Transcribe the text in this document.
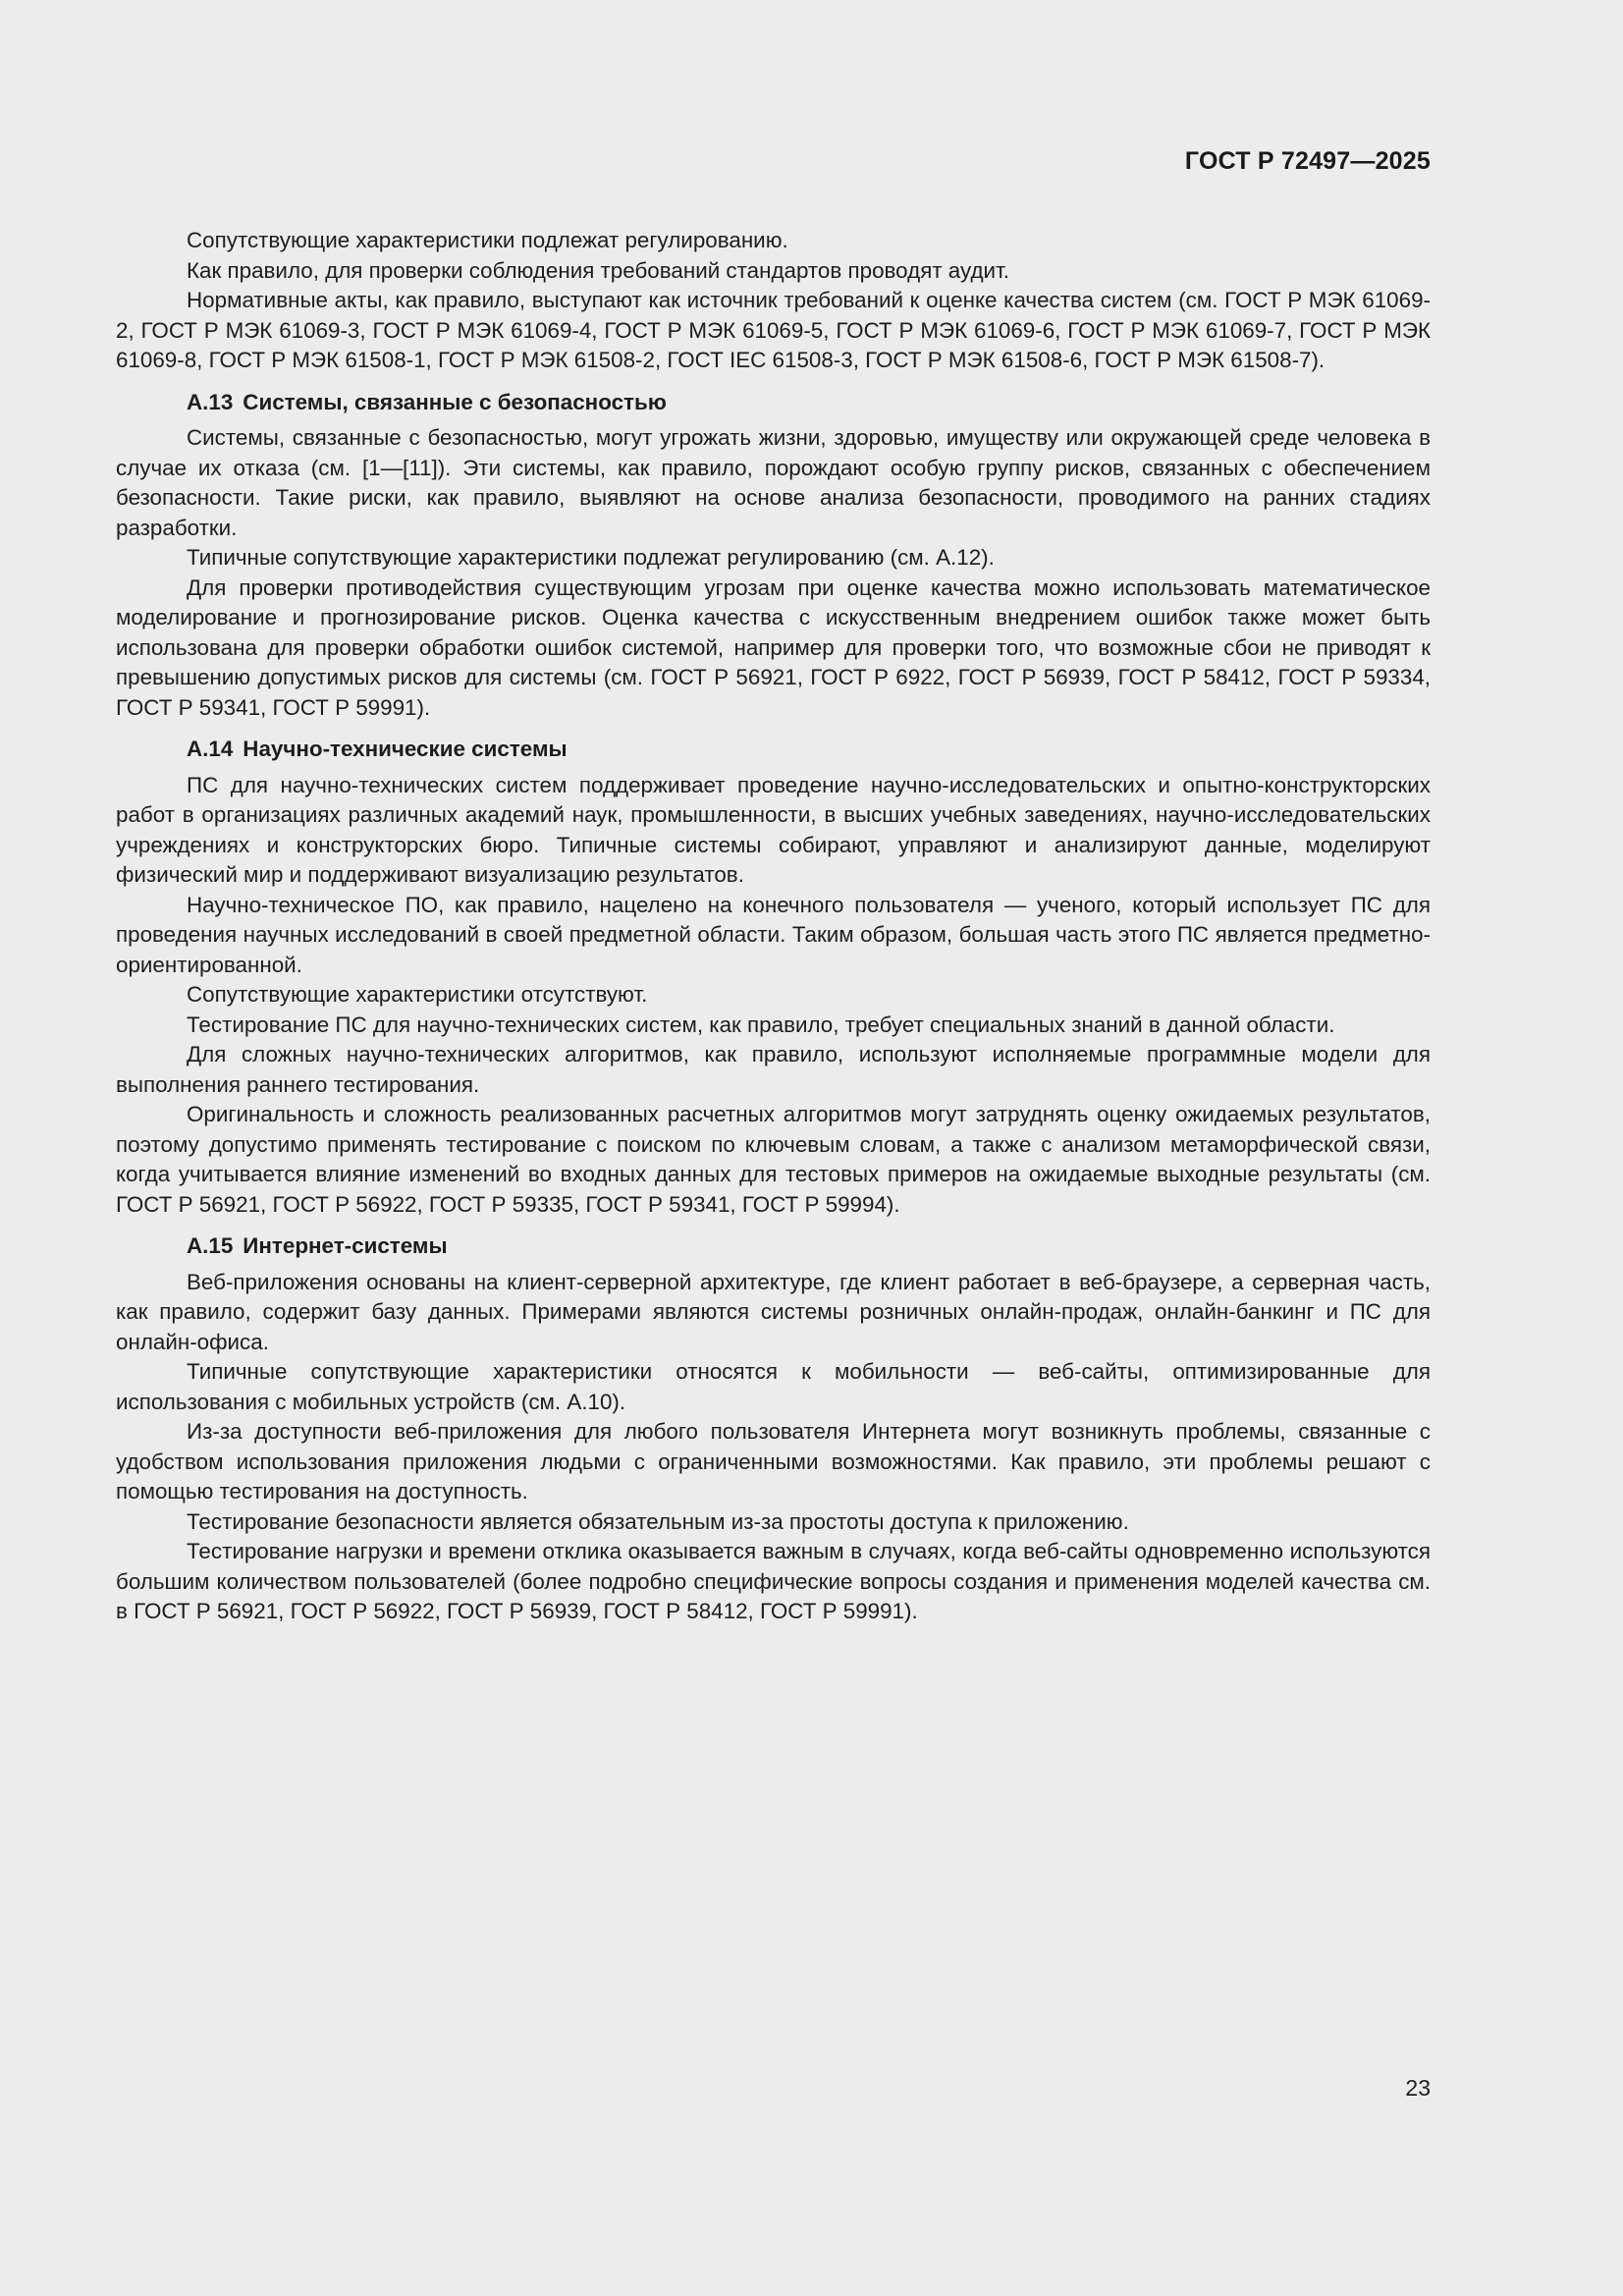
ГОСТ Р 72497—2025

Сопутствующие характеристики подлежат регулированию.

Как правило, для проверки соблюдения требований стандартов проводят аудит.

Нормативные акты, как правило, выступают как источник требований к оценке качества систем (см. ГОСТ Р МЭК 61069-2, ГОСТ Р МЭК 61069-3, ГОСТ Р МЭК 61069-4, ГОСТ Р МЭК 61069-5, ГОСТ Р МЭК 61069-6, ГОСТ Р МЭК 61069-7, ГОСТ Р МЭК 61069-8, ГОСТ Р МЭК 61508-1, ГОСТ Р МЭК 61508-2, ГОСТ IEC 61508-3, ГОСТ Р МЭК 61508-6, ГОСТ Р МЭК 61508-7).

А.13 Системы, связанные с безопасностью

Системы, связанные с безопасностью, могут угрожать жизни, здоровью, имуществу или окружающей среде человека в случае их отказа (см. [1—[11]). Эти системы, как правило, порождают особую группу рисков, связанных с обеспечением безопасности. Такие риски, как правило, выявляют на основе анализа безопасности, проводимого на ранних стадиях разработки.

Типичные сопутствующие характеристики подлежат регулированию (см. А.12).

Для проверки противодействия существующим угрозам при оценке качества можно использовать математическое моделирование и прогнозирование рисков. Оценка качества с искусственным внедрением ошибок также может быть использована для проверки обработки ошибок системой, например для проверки того, что возможные сбои не приводят к превышению допустимых рисков для системы (см. ГОСТ Р 56921, ГОСТ Р 6922, ГОСТ Р 56939, ГОСТ Р 58412, ГОСТ Р 59334, ГОСТ Р 59341, ГОСТ Р 59991).

А.14 Научно-технические системы

ПС для научно-технических систем поддерживает проведение научно-исследовательских и опытно-конструкторских работ в организациях различных академий наук, промышленности, в высших учебных заведениях, научно-исследовательских учреждениях и конструкторских бюро. Типичные системы собирают, управляют и анализируют данные, моделируют физический мир и поддерживают визуализацию результатов.

Научно-техническое ПО, как правило, нацелено на конечного пользователя — ученого, который использует ПС для проведения научных исследований в своей предметной области. Таким образом, большая часть этого ПС является предметно-ориентированной.

Сопутствующие характеристики отсутствуют.

Тестирование ПС для научно-технических систем, как правило, требует специальных знаний в данной области.

Для сложных научно-технических алгоритмов, как правило, используют исполняемые программные модели для выполнения раннего тестирования.

Оригинальность и сложность реализованных расчетных алгоритмов могут затруднять оценку ожидаемых результатов, поэтому допустимо применять тестирование с поиском по ключевым словам, а также с анализом метаморфической связи, когда учитывается влияние изменений во входных данных для тестовых примеров на ожидаемые выходные результаты (см. ГОСТ Р 56921, ГОСТ Р 56922, ГОСТ Р 59335, ГОСТ Р 59341, ГОСТ Р 59994).

А.15 Интернет-системы

Веб-приложения основаны на клиент-серверной архитектуре, где клиент работает в веб-браузере, а серверная часть, как правило, содержит базу данных. Примерами являются системы розничных онлайн-продаж, онлайн-банкинг и ПС для онлайн-офиса.

Типичные сопутствующие характеристики относятся к мобильности — веб-сайты, оптимизированные для использования с мобильных устройств (см. А.10).

Из-за доступности веб-приложения для любого пользователя Интернета могут возникнуть проблемы, связанные с удобством использования приложения людьми с ограниченными возможностями. Как правило, эти проблемы решают с помощью тестирования на доступность.

Тестирование безопасности является обязательным из-за простоты доступа к приложению.

Тестирование нагрузки и времени отклика оказывается важным в случаях, когда веб-сайты одновременно используются большим количеством пользователей (более подробно специфические вопросы создания и применения моделей качества см. в ГОСТ Р 56921, ГОСТ Р 56922, ГОСТ Р 56939, ГОСТ Р 58412, ГОСТ Р 59991).

23
